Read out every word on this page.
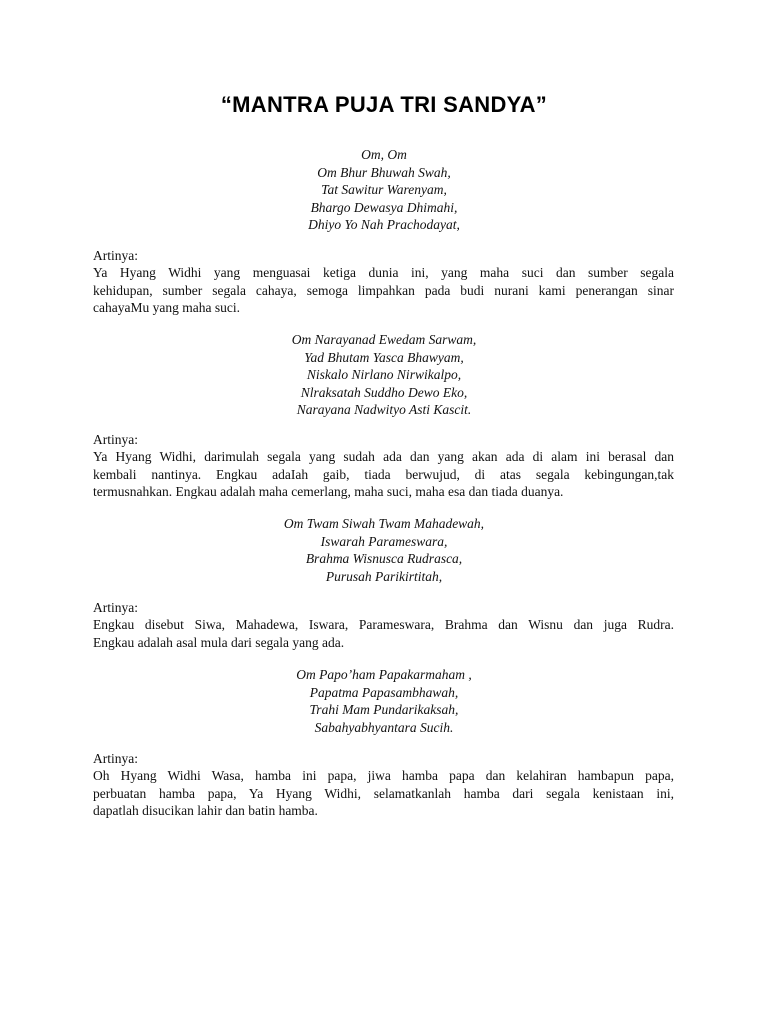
“MANTRA PUJA TRI SANDYA”
Om, Om
Om Bhur Bhuwah Swah,
Tat Sawitur Warenyam,
Bhargo Dewasya Dhimahi,
Dhiyo Yo Nah Prachodayat,
Artinya:
Ya Hyang Widhi yang menguasai ketiga dunia ini, yang maha suci dan sumber segala
kehidupan, sumber segala cahaya, semoga limpahkan pada budi nurani kami penerangan sinar
cahayaMu yang maha suci.
Om Narayanad Ewedam Sarwam,
Yad Bhutam Yasca Bhawyam,
Niskalo Nirlano Nirwikalpo,
Nlraksatah Suddho Dewo Eko,
Narayana Nadwityo Asti Kascit.
Artinya:
Ya Hyang Widhi, darimulah segala yang sudah ada dan yang akan ada di alam ini berasal dan
kembali nantinya. Engkau adaIah gaib, tiada berwujud, di atas segala kebingungan,tak
termusnahkan. Engkau adalah maha cemerlang, maha suci, maha esa dan tiada duanya.
Om Twam Siwah Twam Mahadewah,
Iswarah Parameswara,
Brahma Wisnusca Rudrasca,
Purusah Parikirtitah,
Artinya:
Engkau disebut Siwa, Mahadewa, Iswara, Parameswara, Brahma dan Wisnu dan juga Rudra.
Engkau adalah asal mula dari segala yang ada.
Om Papo’ham Papakarmaham ,
Papatma Papasambhawah,
Trahi Mam Pundarikaksah,
Sabahyabhyantara Sucih.
Artinya:
Oh Hyang Widhi Wasa, hamba ini papa, jiwa hamba papa dan kelahiran hambapun papa,
perbuatan hamba papa, Ya Hyang Widhi, selamatkanlah hamba dari segala kenistaan ini,
dapatlah disucikan lahir dan batin hamba.
